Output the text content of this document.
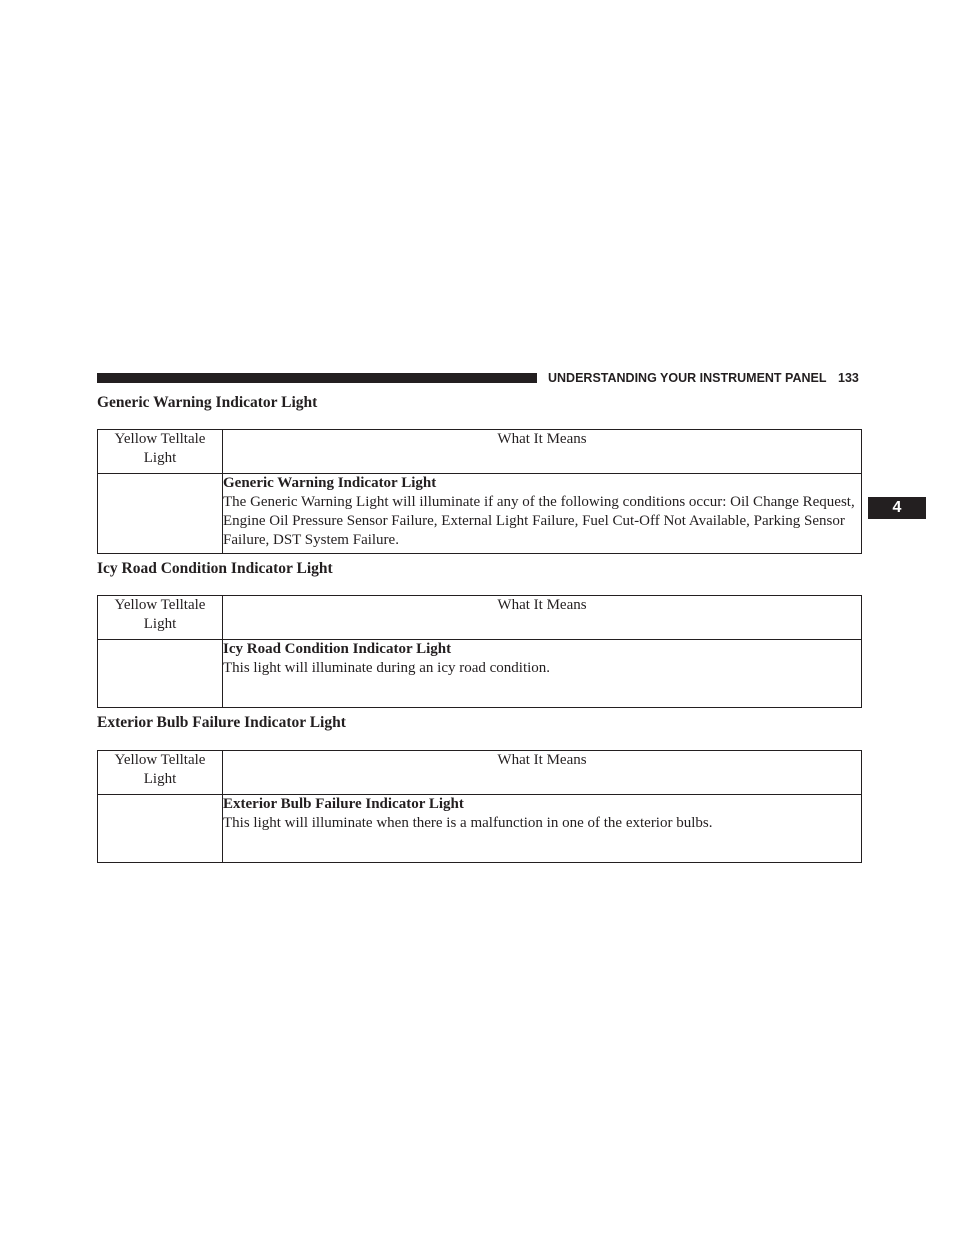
UNDERSTANDING YOUR INSTRUMENT PANEL 133
4
Generic Warning Indicator Light
Yellow Telltale
Light	What It Means

	Generic Warning Indicator Light
The Generic Warning Light will illuminate if any of the following conditions occur: Oil Change Request, Engine Oil Pressure Sensor Failure, External Light Failure, Fuel Cut-Off Not Available, Parking Sensor Failure, DST System Failure.
Icy Road Condition Indicator Light
Yellow Telltale
Light	What It Means

	Icy Road Condition Indicator Light
This light will illuminate during an icy road condition.
Exterior Bulb Failure Indicator Light
Yellow Telltale
Light	What It Means

	Exterior Bulb Failure Indicator Light
This light will illuminate when there is a malfunction in one of the exterior bulbs.
